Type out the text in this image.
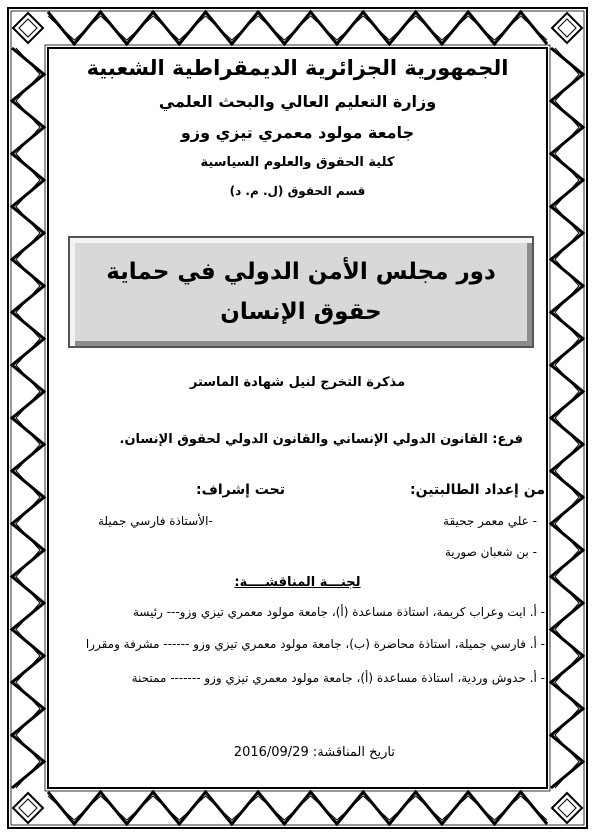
الجمهورية الجزائرية الديمقراطية الشعبية
وزارة التعليم العالي والبحث العلمي
جامعة مولود معمري تيزي وزو
كلية الحقوق والعلوم السياسية
قسم الحقوق (ل. م. د)
دور مجلس الأمن الدولي في حماية حقوق الإنسان
مذكرة التخرج لنيل شهادة الماستر
فرع: القانون الدولي الإنساني والقانون الدولي لحقوق الإنسان.
من إعداد الطالبتين:
تحت إشراف:
- علي معمر جحيقة
-الأستاذة فارسي جميلة
- بن شعبان صورية
لجنـــة المناقشــــة:
- أ. ايت وعراب كريمة، استاذة مساعدة (أ)، جامعة مولود معمري تيزي وزو--- رئيسة
- أ. فارسي جميلة، استاذة محاضرة (ب)، جامعة مولود معمري تيزي وزو ------ مشرفة ومقررا
- أ. حدوش وردية، استاذة مساعدة (أ)، جامعة مولود معمري تيزي وزو ------- ممتحنة
تاريخ المناقشة: 2016/09/29
